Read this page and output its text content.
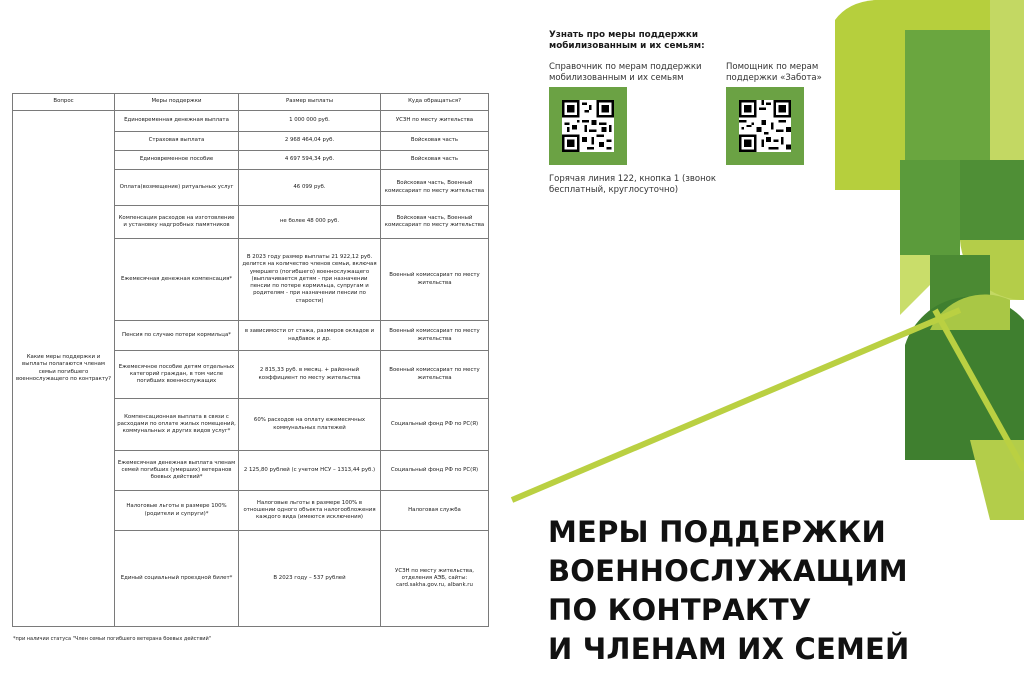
Вопрос	Меры поддержки	Размер выплаты	Куда обращаться?
Какие меры поддержки и выплаты полагаются членам семьи погибшего военнослужащего по контракту?	Единовременная денежная выплата	1 000 000 руб.	УСЗН по месту жительства
	Страховая выплата	2 968 464,04 руб.	Войсковая часть
	Единовременное пособие	4 697 594,34 руб.	Войсковая часть
	Оплата(возмещение) ритуальных услуг	46 099 руб.	Войсковая часть, Военный комиссариат по месту жительства
	Компенсация расходов на изготовление и установку надгробных памятников	не более 48 000 руб.	Войсковая часть, Военный комиссариат по месту жительства
	Ежемесячная денежная компенсация*	В 2023 году размер выплаты 21 922,12 руб. делится на количество членов семьи, включая умершего (погибшего) военнослужащего (выплачивается детям - при назначении пенсии по потере кормильца, супругам и родителям - при назначении пенсии по старости)	Военный комиссариат по месту жительства
	Пенсия по случаю потери кормильца*	в зависимости от стажа, размеров окладов и надбавок и др.	Военный комиссариат по месту жительства
	Ежемесячное пособие детям отдельных категорий граждан, в том числе погибших военнослужащих	2 815,33 руб. в месяц. + районный коэффициент по месту жительства	Военный комиссариат по месту жительства
	Компенсационная выплата в связи с расходами по оплате жилых помещений, коммунальных и других видов услуг*	60% расходов на оплату ежемесячных коммунальных платежей	Социальный фонд РФ по РС(Я)
	Ежемесячная денежная выплата членам семей погибших (умерших) ветеранов боевых действий*	2 125,80 рублей (с учетом НСУ – 1313,44 руб.)	Социальный фонд РФ по РС(Я)
	Налоговые льготы в размере 100% (родители и супруги)*	Налоговые льготы в размере 100% в отношении одного объекта налогообложения каждого вида (имеются исключения)	Налоговая служба
	Единый социальный проездной билет*	В 2023 году – 537 рублей	УСЗН по месту жительства, отделения АЭБ, сайты: card.sakha.gov.ru, albank.ru
*при наличии статуса "Член семьи погибшего ветерана боевых действий"
Узнать про меры поддержки мобилизованным и их семьям:
Справочник по мерам поддержки мобилизованным и их семьям
Помощник по мерам поддержки «Забота»
Горячая линия 122, кнопка 1 (звонок бесплатный, круглосуточно)
МЕРЫ ПОДДЕРЖКИ
ВОЕННОСЛУЖАЩИМ
ПО КОНТРАКТУ
И ЧЛЕНАМ ИХ СЕМЕЙ
